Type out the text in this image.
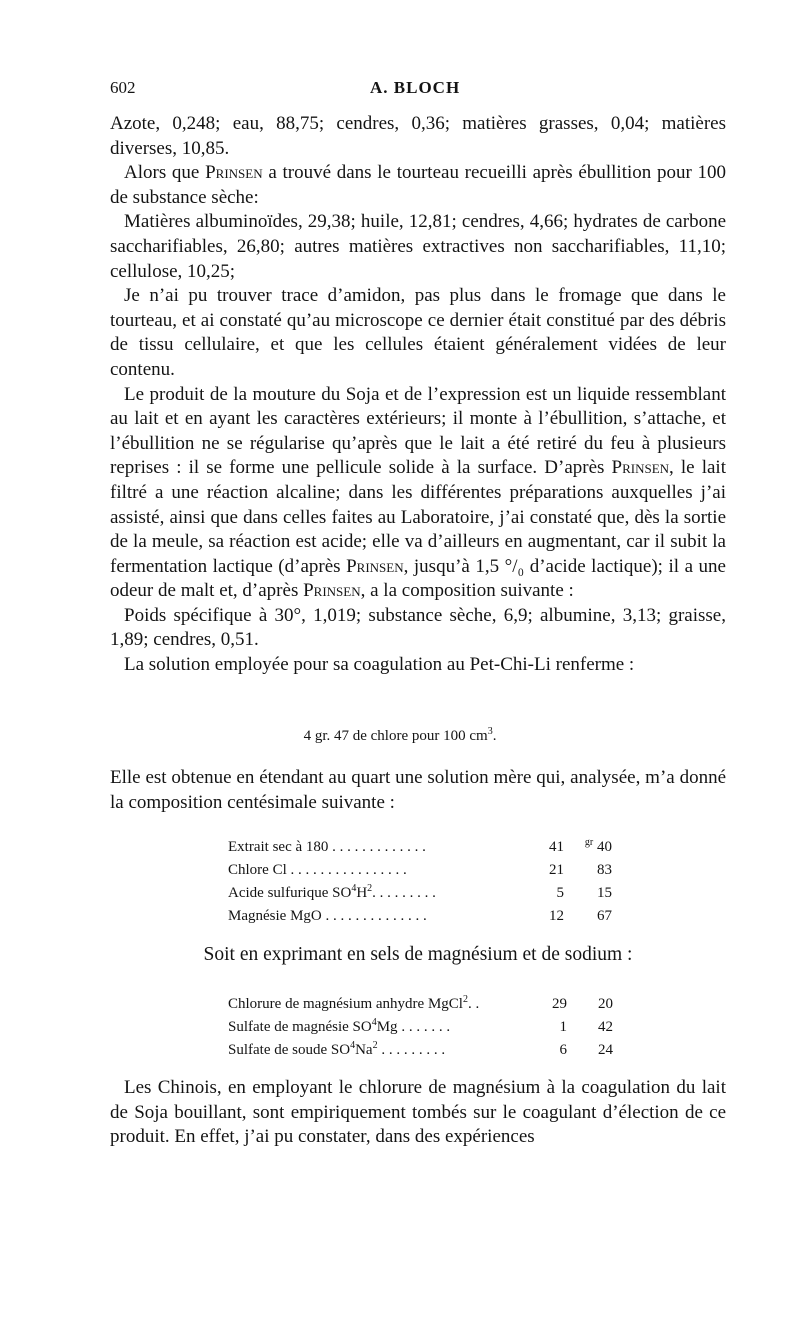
602	A. BLOCH

Azote, 0,248; eau, 88,75; cendres, 0,36; matières grasses, 0,04; matières diverses, 10,85.

Alors que Prinsen a trouvé dans le tourteau recueilli après ébullition pour 100 de substance sèche:

Matières albuminoïdes, 29,38; huile, 12,81; cendres, 4,66; hydrates de carbone saccharifiables, 26,80; autres matières extractives non saccharifiables, 11,10; cellulose, 10,25;

Je n’ai pu trouver trace d’amidon, pas plus dans le fromage que dans le tourteau, et ai constaté qu’au microscope ce dernier était constitué par des débris de tissu cellulaire, et que les cellules étaient généralement vidées de leur contenu.

Le produit de la mouture du Soja et de l’expression est un liquide ressemblant au lait et en ayant les caractères extérieurs; il monte à l’ébullition, s’attache, et l’ébullition ne se régularise qu’après que le lait a été retiré du feu à plusieurs reprises : il se forme une pellicule solide à la surface. D’après Prinsen, le lait filtré a une réaction alcaline; dans les différentes préparations auxquelles j’ai assisté, ainsi que dans celles faites au Laboratoire, j’ai constaté que, dès la sortie de la meule, sa réaction est acide; elle va d’ailleurs en augmentant, car il subit la fermentation lactique (d’après Prinsen, jusqu’à 1,5 °/₀ d’acide lactique); il a une odeur de malt et, d’après Prinsen, a la composition suivante :

Poids spécifique à 30°, 1,019; substance sèche, 6,9; albumine, 3,13; graisse, 1,89; cendres, 0,51.

La solution employée pour sa coagulation au Pet-Chi-Li renferme :

4 gr. 47 de chlore pour 100 $cm^3$.

Elle est obtenue en étendant au quart une solution mère qui, analysée, m’a donné la composition centésimale suivante :

Extrait sec à 180 . . . . . . . . . . . . .	41	$^{gr}$ 40
Chlore Cl . . . . . . . . . . . . . . . .	21	83
Acide sulfurique $SO^4H^2$. . . . . . . . .	5	15
Magnésie MgO . . . . . . . . . . . . . .	12	67

Soit en exprimant en sels de magnésium et de sodium :

Chlorure de magnésium anhydre MgCl$^2$. .	29	20
Sulfate de magnésie $SO^4Mg$ . . . . . . .	1	42
Sulfate de soude $SO^4Na^2$ . . . . . . . . .	6	24

Les Chinois, en employant le chlorure de magnésium à la coagulation du lait de Soja bouillant, sont empiriquement tombés sur le coagulant d’élection de ce produit. En effet, j’ai pu constater, dans des expériences
